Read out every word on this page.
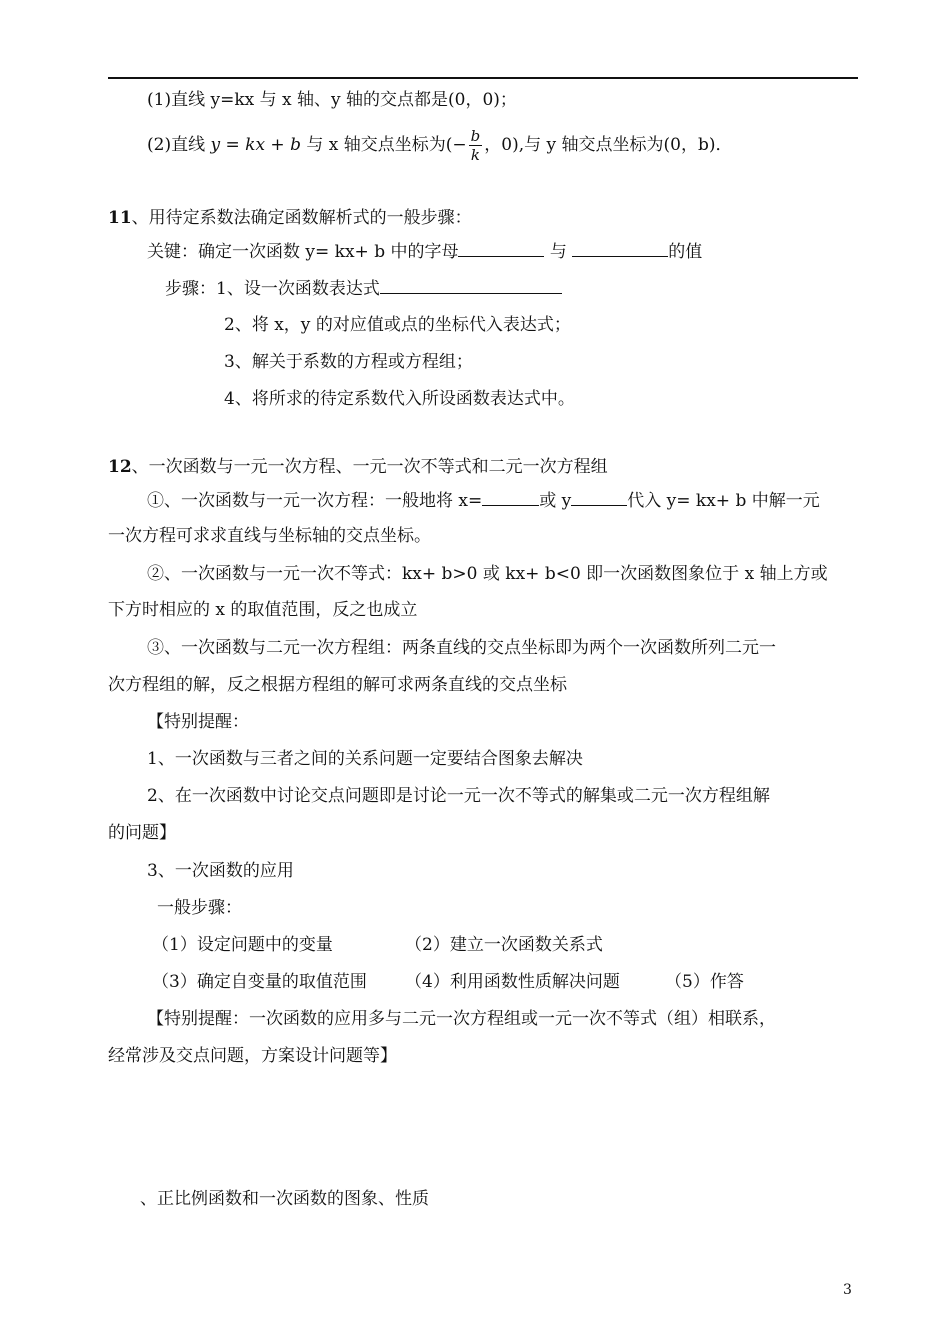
(1)直线 y=kx 与 x 轴、y 轴的交点都是(0，0)；
(2)直线 y = kx + b 与 x 轴交点坐标为(− $\frac{b}{k}$ ，0),与 y 轴交点坐标为(0，b)．
11、用待定系数法确定函数解析式的一般步骤：
关键：确定一次函数 y= kx+ b 中的字母	与	的值
步骤：1、设一次函数表达式
2、将 x，y 的对应值或点的坐标代入表达式；
3、解关于系数的方程或方程组；
4、将所求的待定系数代入所设函数表达式中。
12、一次函数与一元一次方程、一元一次不等式和二元一次方程组
①、一次函数与一元一次方程：一般地将 x=	或 y	代入 y= kx+ b 中解一元
一次方程可求求直线与坐标轴的交点坐标。
②、一次函数与一元一次不等式：kx+ b>0 或 kx+ b<0 即一次函数图象位于 x 轴上方或
下方时相应的 x 的取值范围，反之也成立
③、一次函数与二元一次方程组：两条直线的交点坐标即为两个一次函数所列二元一
次方程组的解，反之根据方程组的解可求两条直线的交点坐标
【特别提醒：
1、一次函数与三者之间的关系问题一定要结合图象去解决
2、在一次函数中讨论交点问题即是讨论一元一次不等式的解集或二元一次方程组解
的问题】
3、一次函数的应用
一般步骤：
（1）设定问题中的变量	（2）建立一次函数关系式
（3）确定自变量的取值范围 （4）利用函数性质解决问题	（5）作答
【特别提醒：一次函数的应用多与二元一次方程组或一元一次不等式（组）相联系，
经常涉及交点问题，方案设计问题等】
、正比例函数和一次函数的图象、性质
3
